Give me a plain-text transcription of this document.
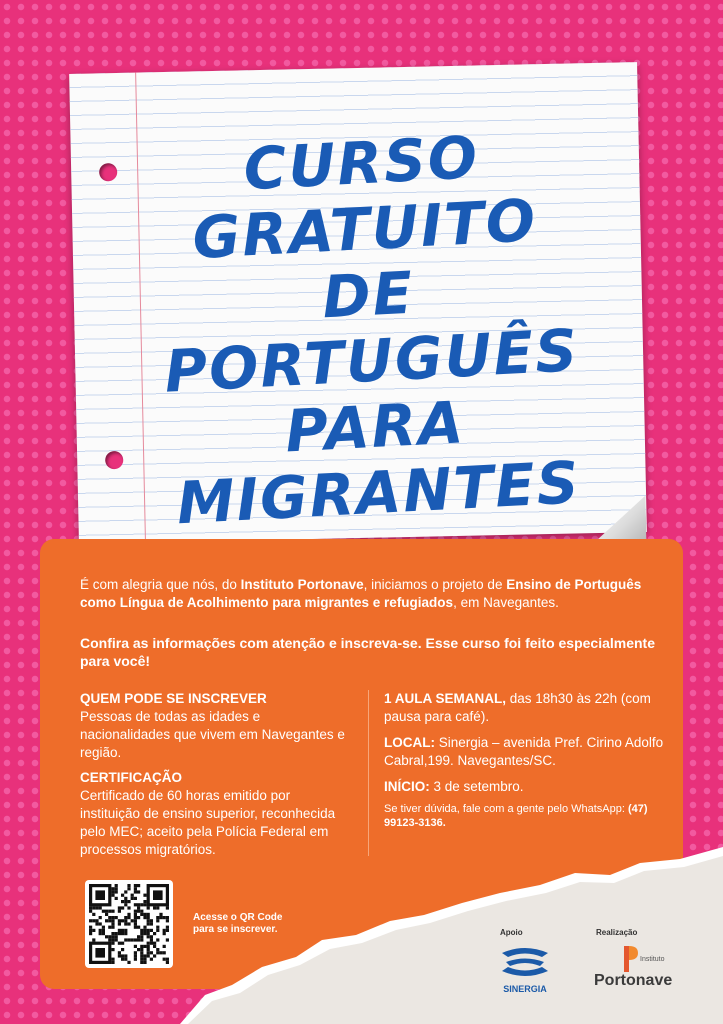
CURSO
GRATUITO DE
PORTUGUÊS
PARA
MIGRANTES
É com alegria que nós, do Instituto Portonave, iniciamos o projeto de Ensino de Português como Língua de Acolhimento para migrantes e refugiados, em Navegantes.
Confira as informações com atenção e inscreva-se. Esse curso foi feito especialmente para você!
QUEM PODE SE INSCREVER
Pessoas de todas as idades e nacionalidades que vivem em Navegantes e região.
CERTIFICAÇÃO
Certificado de 60 horas emitido por instituição de ensino superior, reconhecida pelo MEC; aceito pela Polícia Federal em processos migratórios.
1 AULA SEMANAL, das 18h30 às 22h (com pausa para café).
LOCAL: Sinergia – avenida Pref. Cirino Adolfo Cabral,199. Navegantes/SC.
INÍCIO: 3 de setembro.
Se tiver dúvida, fale com a gente pelo WhatsApp: (47) 99123-3136.
Acesse o QR Code para se inscrever.	Apoio
SINERGIA
Realização
Instituto
Portonave
